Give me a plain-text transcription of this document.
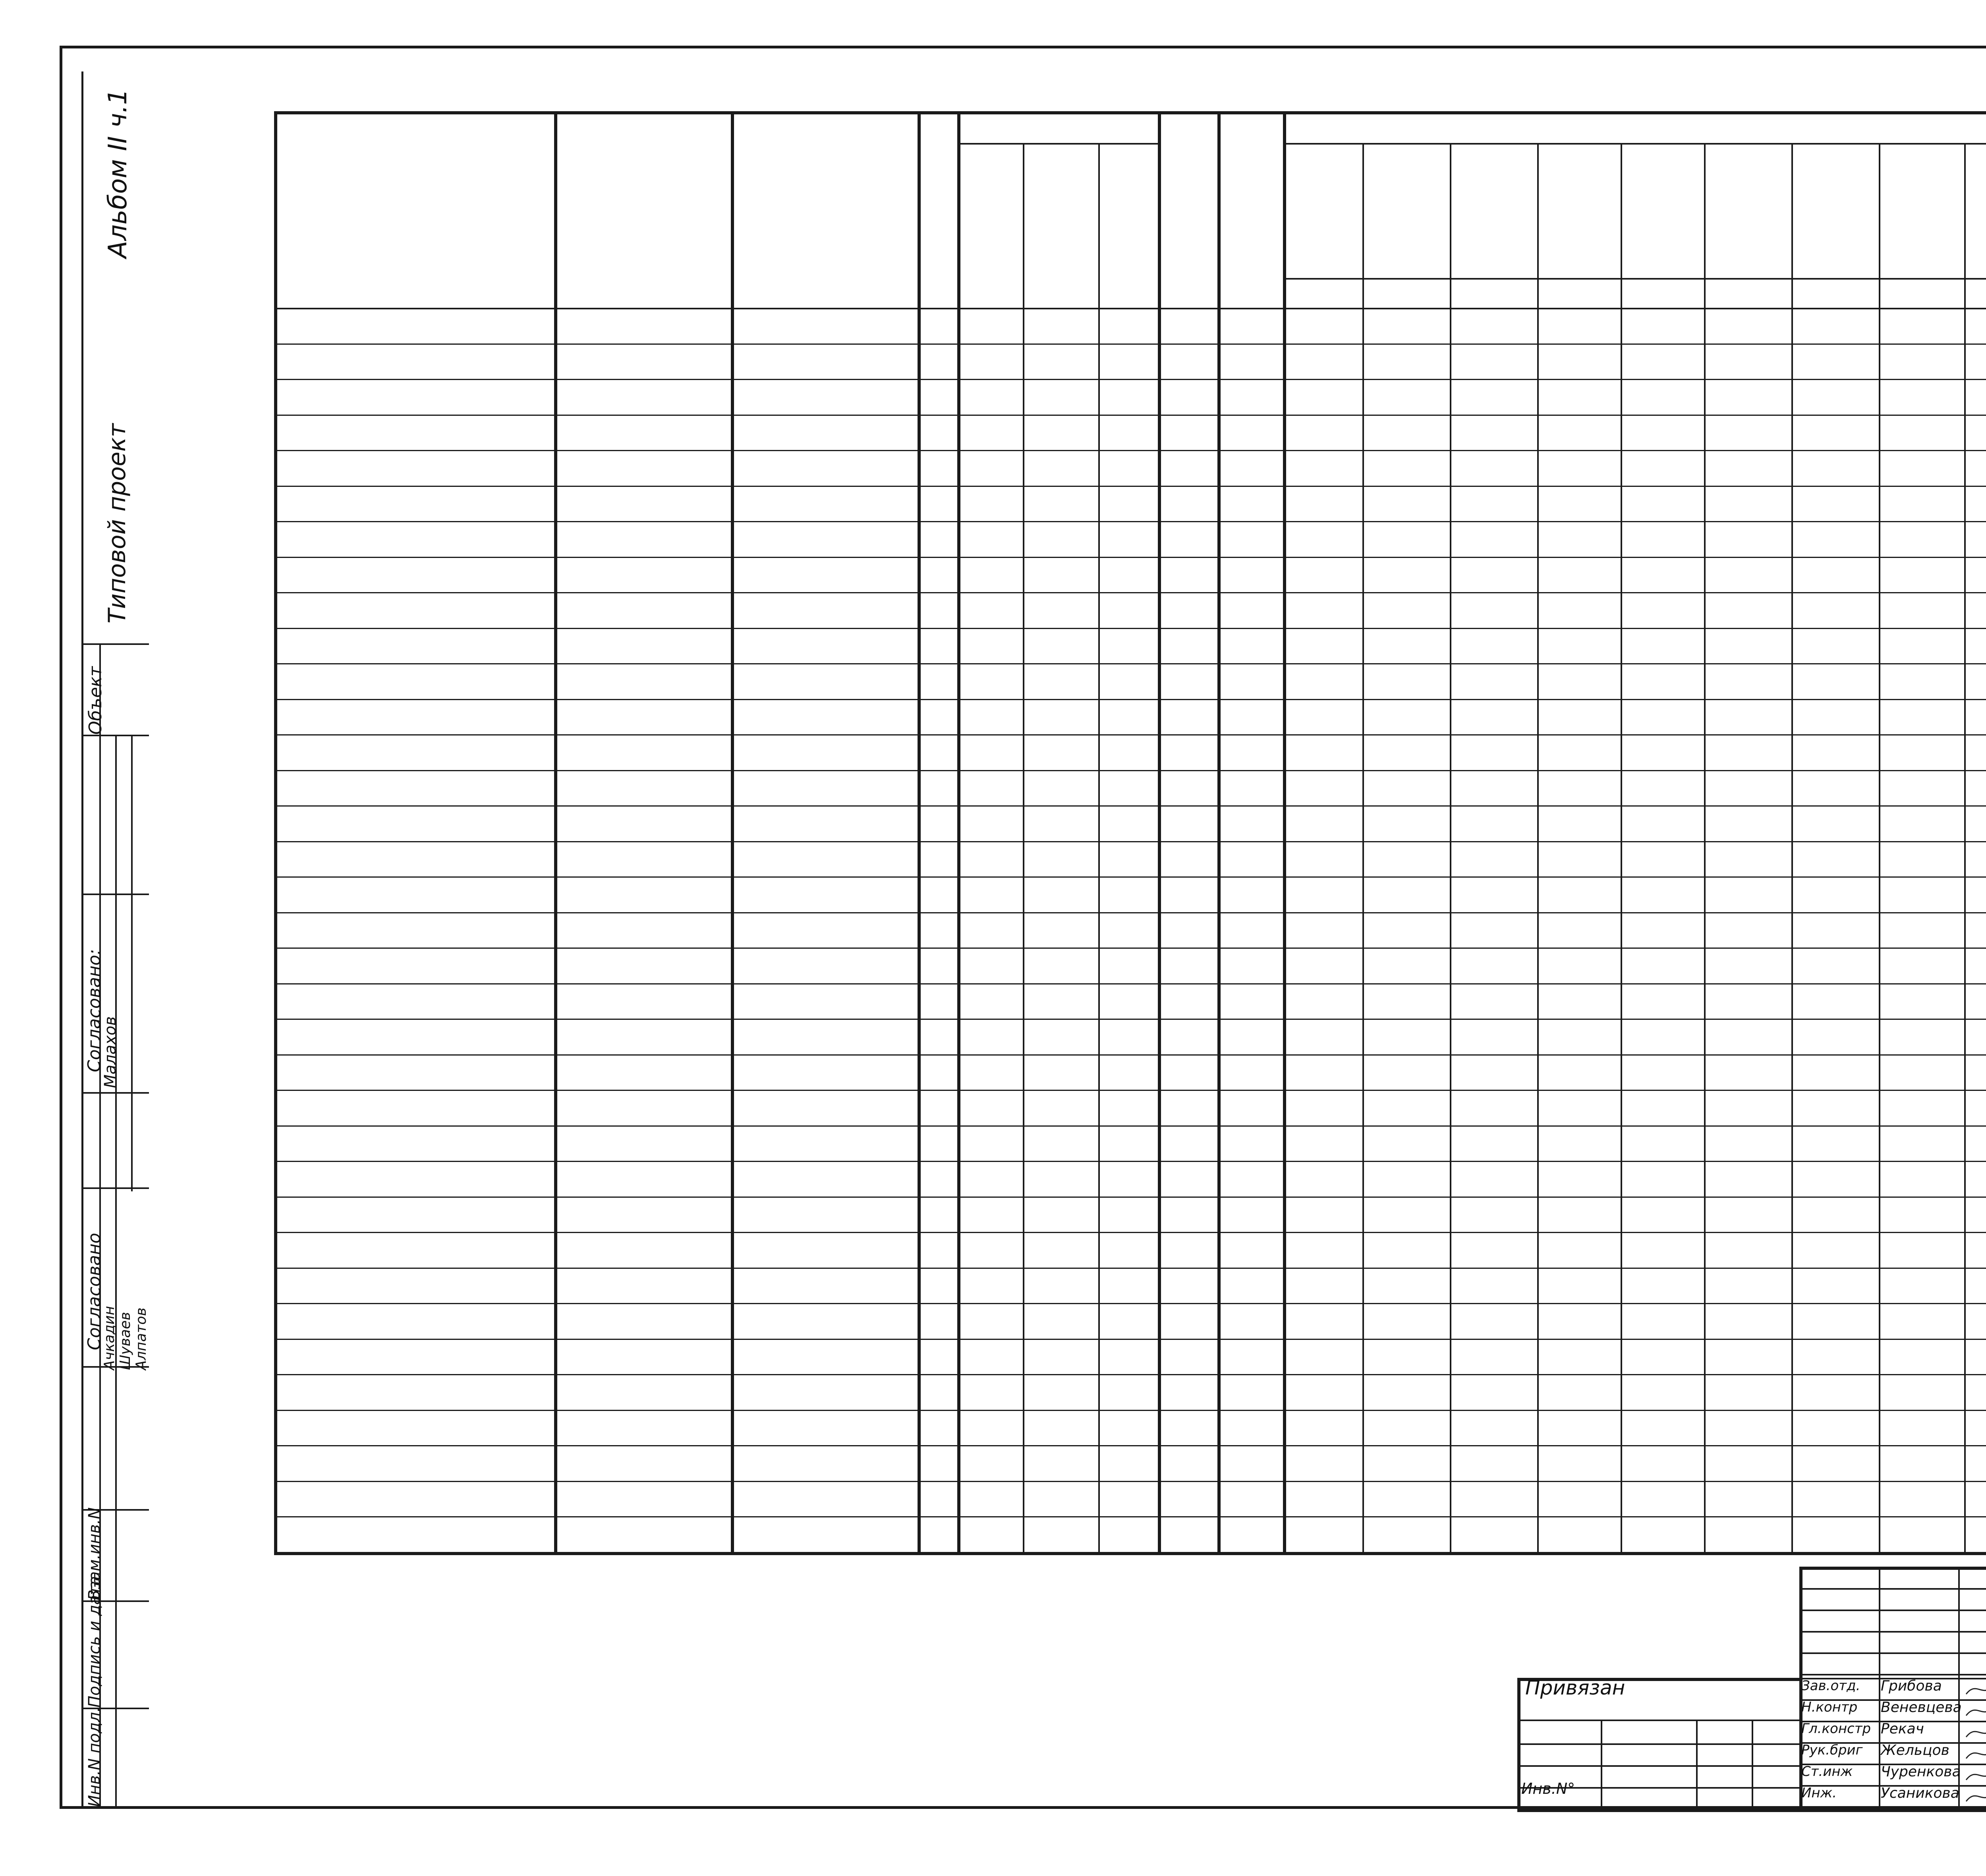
Альбом II ч.1
Типовой проект
Объект
Согласовано:
Малахов
Согласовано
Ачкадин Шуваев Алпатов
Взам.инв.N
Подпись и дата
Инв.N подл.
Привязан
Инв.N°
Зав.отд. Грибова
Н.контр Веневцева
Гл.констр Рекач
Рук.бриг Жельцов
Ст.инж Чуренкова
Инж.	Усаникова
